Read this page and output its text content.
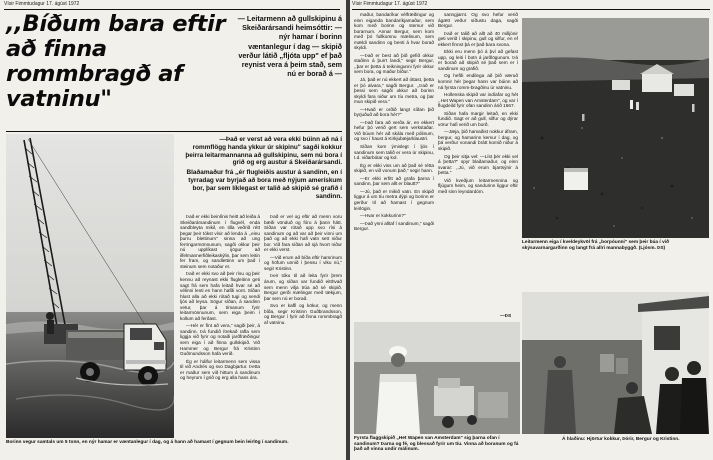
Vísir Fimmtudagur 17. ágúst 1972
,,Bíðum bara eftir að finna rommbragð af vatninu"

— Leitarmenn að gullskipinu á Skeiðarársandi heimsóttir: — nýr hamar í borinn væntanlegur í dag — skipið verður látið „fljóta upp" ef það reynist vera á þeim stað, sem nú er borað á —

—Það er verst að vera ekki búinn að ná í rommflögg handa ykkur úr skipinu" sagði kokkur þeirra leitarmannanna að gullskipinu, sem nú bora í grið og erg austur á Skeiðarársandi.

Blaðamaður frá ,,ér flugleiðis austur á sandinn, en í tyrradag var byrjað að bora með nýjum amerískum bor, þar sem líklegast er talið að skipið sé grafið í sandinn.

Það er ekki beinlínis heitt að leiða á Skeiðarársandinum í flugvél, enda sandbleyta mikil, en tilla veðrið rétt þegar þeir tókst vísir að lenda á ,,einu þurru blettinum" sinna að ung ferringarmönnunum, sagði okkur þeir nú upplíkast ijögur að ilfelmannerfiðleikaskýlin, þar sem leitin fer fram, og sandlettinn um það í steinum sem notaður er.

Það er ekki svo að þeir rísu og þeir kennu að reynast ekki flugleitinn geti sagt frá sem hafa leitað hvar sé að vélinni lenti en hann hafði vont. Síðan hlust alla að ekki rótað tugi og sendi ljós að leysa. Sögur síðan, á sandinn vetur, þar á tímanum fyrir leitarmönnunum, sem eiga þeim í kollum að ferðast.

—Hér er fínt að vera," sagði þeir, á sandinn. Þá fundið ítrekað rafla sem liggja við fyrir og notaði jarðfræðingur sem eiga í að finna gullskipið. Við Hammer og Bergur frá Kristinn Guðmundsson hafa verið.

Ég er hálfur leitarmenn sem vissa til við Andrés og svo Dagbjartur. Þetta er maður sem við hittum á sandinum og heyrum í grið og erg alla hans ára.

Það er vel og eftir að menn voru bæði vönduð og fóru á þann hátt. Síðan var rótað upp svo rísi á sandinum og að var að þeir vinni um það og að ekki hafi vatn sett niður bor. Við fara síðan að sjá hvort niður er ekki verst.

—Við erum að bíða eftir hamrinum og höfum unnið í þessu í viku nú," segir Kristinn.

Þeir tóku til að leita fyrir þrem árum, og síðan var fundið eitthvað sem menn vilja trúa að sé skipið. Bergur gerði mælingar með tækjum, þar sem nú er borað.

Svo er kaffi og kökur, og menn bíða, segir Kristinn Guðbrandsson, og Bergur í fyrir að finna rommbragð af vatninu.

Borinn vegur samtals um 5 tonn, en nýr hamar er væntanlegur í dag, og á hann að hamast í gegnum bein leirlög í sandinum.
Vísir Fimmtudagur 17. ágúst 1972

maður, bandaríkur vélfræðingur og einn eiganda bandaríkjamaður, sem kom með borinn og stemur við borarnum. Annar Bergur, sem kom með þó fullkomnu mælinum, sem mældi sandinn og benti á hvar borað skyldi.

—Það er best að þið gefið okkur staðinn á þurrt landi," segir Bergur, ,,þar er þetta á teikningunni fyrir okkur sem bora, og maður bíður."

Já, það er nú ekkert að óttast, þetta er þó alvara," sagði Bergur. ,,Það er þessi sem sagði okkur að borinn skyldi fara niður um tíu metra, og þar mun skipið vera."

—Hvað er orðið langt síðan þið byrjuðuð að bora hér?"

—Það fara að verða ár, en ekkert hefur þó verið gert sem verkstaðar. Við búum hér að skála með pólinum, og svo í haust á Kirkjubæjarklaustri.

Síðan kom ýmislegt í ljós í sandinum sem talið er vera úr skipinu, t.d. viðarbútar og kol.

Ég er ekki viss um að það sé rétta skipið, en við vonum það," segir hann.

—Er ekki erfitt að grafa þarna í sandinn, þar sem allt er blautt?"

—Jú, það er mikið vatn. En skipið liggur á um tíu metra dýpi og borinn er gerður til að hamast í gegnum leirlögin.

—Hvar er kokkurinn?"

—Það ynni alltaf í sandinum," sagði Bergur.

sanngjarnt. Og svo hefur verið ágætt veður síðustu daga, sagði Bergur.

Það er talið að allt að 40 milljónir geti verið í skipinu, gull og silfur, en ef ekkert finnst þá er það bara svona.

Ekki eru menn þó á því að gefast upp, og leiti í botn á jarðlögunum. Þá er borað að skipið sé það sem er í sandinum og grafið.

Og hefði endilega að þið væruð komnir hér þegar hann var búinn að ná fyrsta romm-bragðinu úr vatninu.

Hollenska skipið var indíafar og hét ,,Het Wapen van Amsterdam", og var í flugdeild fyrir ofan sandinn árið 1667.

Síðan hafa margir leitað, en ekki fundið. Sagt er að gull, silfur og dýrar vörur hafi verið um borð.

—Jæja, þið hamaðist nokkur áfram, bergur, og hamarinn kemur í dag, og þá verður vonandi brátt komið niður á skipið.

Og þeir sitja vel: —Líst þér ekki vel á þetta?" spyr blaðamaður, og einn svarar: ,,Jú, við erum bjartsýnir á þetta."

Við kveðjum leitarmennina og fljúgum heim, og sandurinn liggur eftir með sinn leyndardóm.

—ÞS
Leitarmenn eiga í kveldeykvöl frá „borpóunni" sem þeir búa í við skýsavarnargarðinn og langt frá allri mannabyggð. (Ljósm. ÞS)
Fyrsta flaggskipið „Het Wapen van Amsterdam" sig þarna ofan í sandinum? Þarna og fé, og blessað fyrir um tíu. Vinna að boranum og fá það að vinna undir málinum.
Á hlaðinu: Hjörtur kokkur, Þórir, Bergur og Kristinn.
